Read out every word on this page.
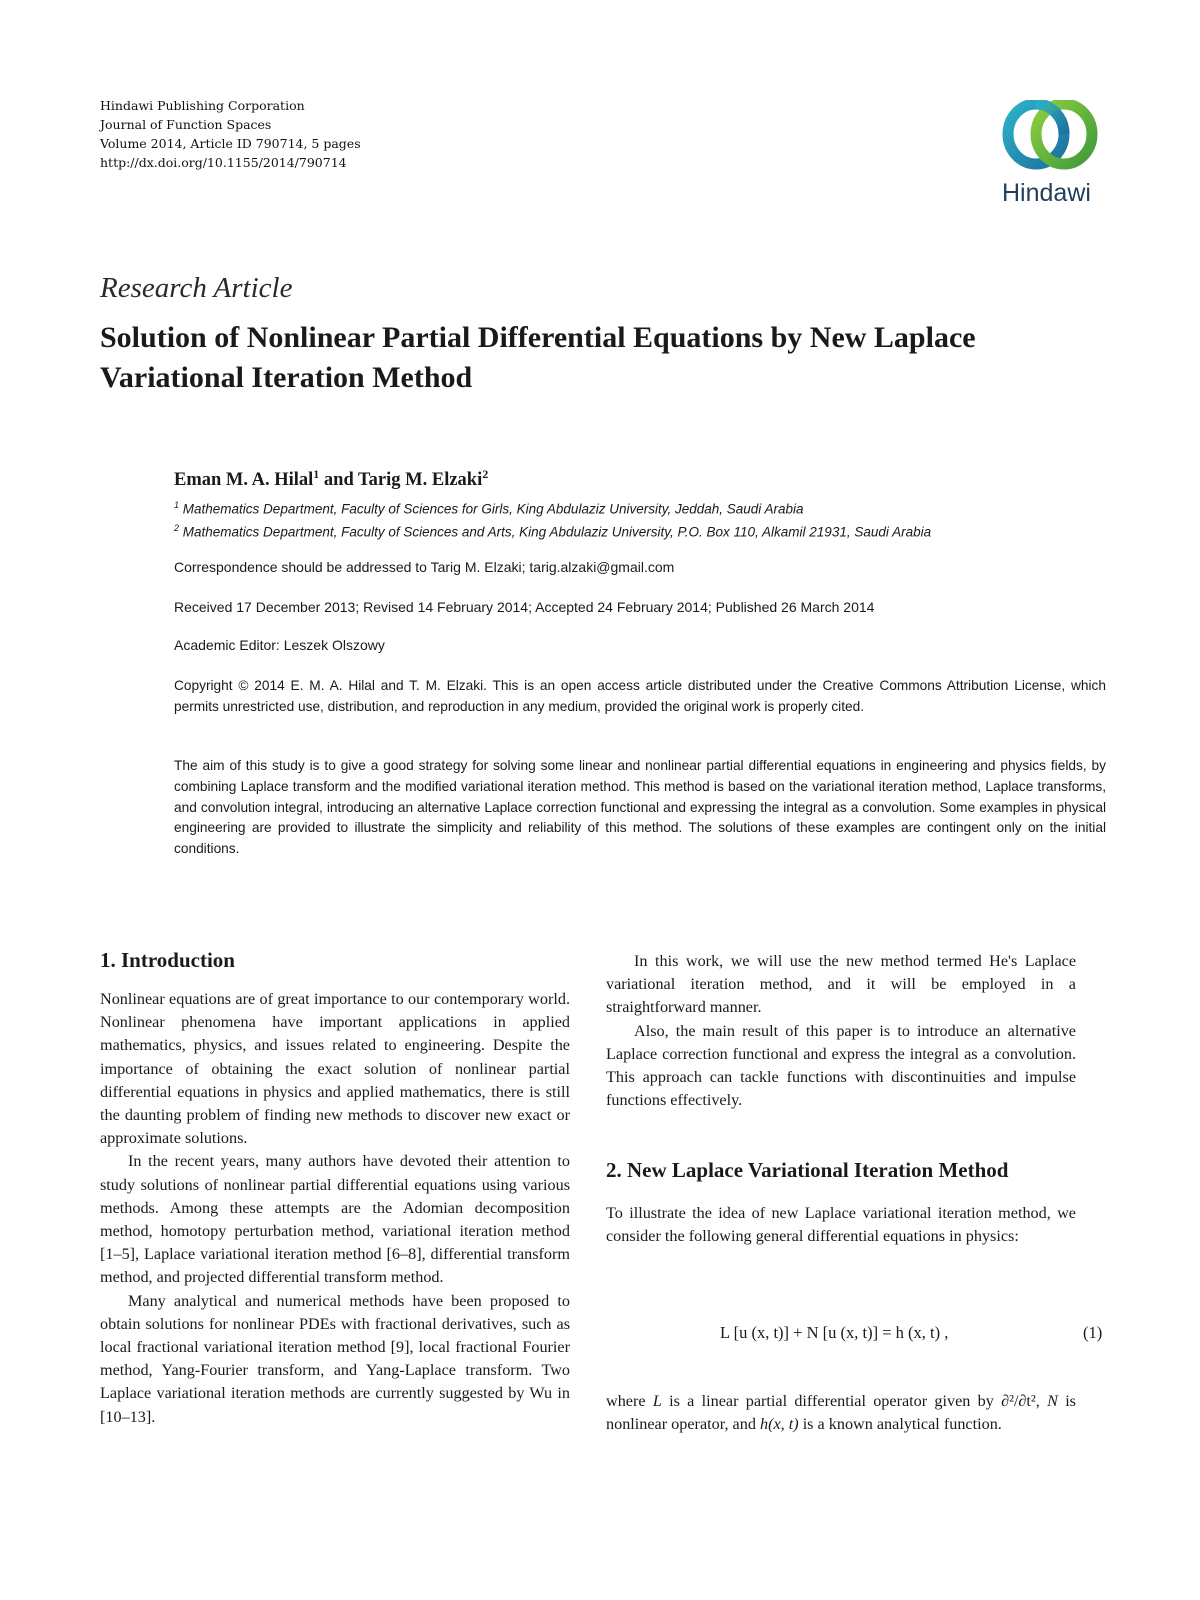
Hindawi Publishing Corporation
Journal of Function Spaces
Volume 2014, Article ID 790714, 5 pages
http://dx.doi.org/10.1155/2014/790714
Hindawi
Research Article
Solution of Nonlinear Partial Differential Equations by New Laplace Variational Iteration Method
Eman M. A. Hilal$^1$ and Tarig M. Elzaki$^2$
$^1$ Mathematics Department, Faculty of Sciences for Girls, King Abdulaziz University, Jeddah, Saudi Arabia
$^2$ Mathematics Department, Faculty of Sciences and Arts, King Abdulaziz University, P.O. Box 110, Alkamil 21931, Saudi Arabia
Correspondence should be addressed to Tarig M. Elzaki; tarig.alzaki@gmail.com
Received 17 December 2013; Revised 14 February 2014; Accepted 24 February 2014; Published 26 March 2014
Academic Editor: Leszek Olszowy
Copyright © 2014 E. M. A. Hilal and T. M. Elzaki. This is an open access article distributed under the Creative Commons Attribution License, which permits unrestricted use, distribution, and reproduction in any medium, provided the original work is properly cited.
The aim of this study is to give a good strategy for solving some linear and nonlinear partial differential equations in engineering and physics fields, by combining Laplace transform and the modified variational iteration method. This method is based on the variational iteration method, Laplace transforms, and convolution integral, introducing an alternative Laplace correction functional and expressing the integral as a convolution. Some examples in physical engineering are provided to illustrate the simplicity and reliability of this method. The solutions of these examples are contingent only on the initial conditions.
1. Introduction

Nonlinear equations are of great importance to our contemporary world. Nonlinear phenomena have important applications in applied mathematics, physics, and issues related to engineering. Despite the importance of obtaining the exact solution of nonlinear partial differential equations in physics and applied mathematics, there is still the daunting problem of finding new methods to discover new exact or approximate solutions.

In the recent years, many authors have devoted their attention to study solutions of nonlinear partial differential equations using various methods. Among these attempts are the Adomian decomposition method, homotopy perturbation method, variational iteration method [1–5], Laplace variational iteration method [6–8], differential transform method, and projected differential transform method.

Many analytical and numerical methods have been proposed to obtain solutions for nonlinear PDEs with fractional derivatives, such as local fractional variational iteration method [9], local fractional Fourier method, Yang-Fourier transform, and Yang-Laplace transform. Two Laplace variational iteration methods are currently suggested by Wu in [10–13].

In this work, we will use the new method termed He's Laplace variational iteration method, and it will be employed in a straightforward manner.

Also, the main result of this paper is to introduce an alternative Laplace correction functional and express the integral as a convolution. This approach can tackle functions with discontinuities and impulse functions effectively.

2. New Laplace Variational Iteration Method
To illustrate the idea of new Laplace variational iteration method, we consider the following general differential equations in physics:
L [u (x, t)] + N [u (x, t)] = h (x, t) ,	(1)
where L is a linear partial differential operator given by ∂²/∂t², N is nonlinear operator, and h(x, t) is a known analytical function.
